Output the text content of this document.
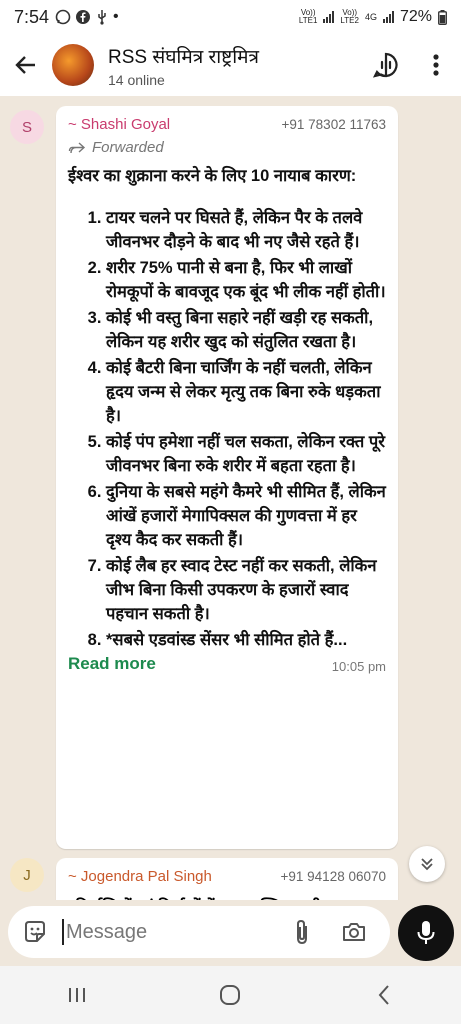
7:54	•	Vo))
LTE1
Vo))
LTE2 4G 72%
RSS संघमित्र राष्ट्रमित्र
14 online
S ~ Shashi Goyal	+91 78302 11763
Forwarded
ईश्वर का शुक्राना करने के लिए 10 नायाब कारण:
1. टायर चलने पर घिसते हैं, लेकिन पैर के तलवे जीवनभर दौड़ने के बाद भी नए जैसे रहते हैं।
2. शरीर 75% पानी से बना है, फिर भी लाखों रोमकूपों के बावजूद एक बूंद भी लीक नहीं होती।
3. कोई भी वस्तु बिना सहारे नहीं खड़ी रह सकती, लेकिन यह शरीर खुद को संतुलित रखता है।
4. कोई बैटरी बिना चार्जिंग के नहीं चलती, लेकिन हृदय जन्म से लेकर मृत्यु तक बिना रुके धड़कता है।
5. कोई पंप हमेशा नहीं चल सकता, लेकिन रक्त पूरे जीवनभर बिना रुके शरीर में बहता रहता है।
6. दुनिया के सबसे महंगे कैमरे भी सीमित हैं, लेकिन आंखें हजारों मेगापिक्सल की गुणवत्ता में हर दृश्य कैद कर सकती हैं।
7. कोई लैब हर स्वाद टेस्ट नहीं कर सकती, लेकिन जीभ बिना किसी उपकरण के हजारों स्वाद पहचान सकती है।
8. *सबसे एडवांस्ड सेंसर भी सीमित होते हैं...
Read more	10:05 pm
J ~ Jogendra Pal Singh	+91 94128 06070
Message
